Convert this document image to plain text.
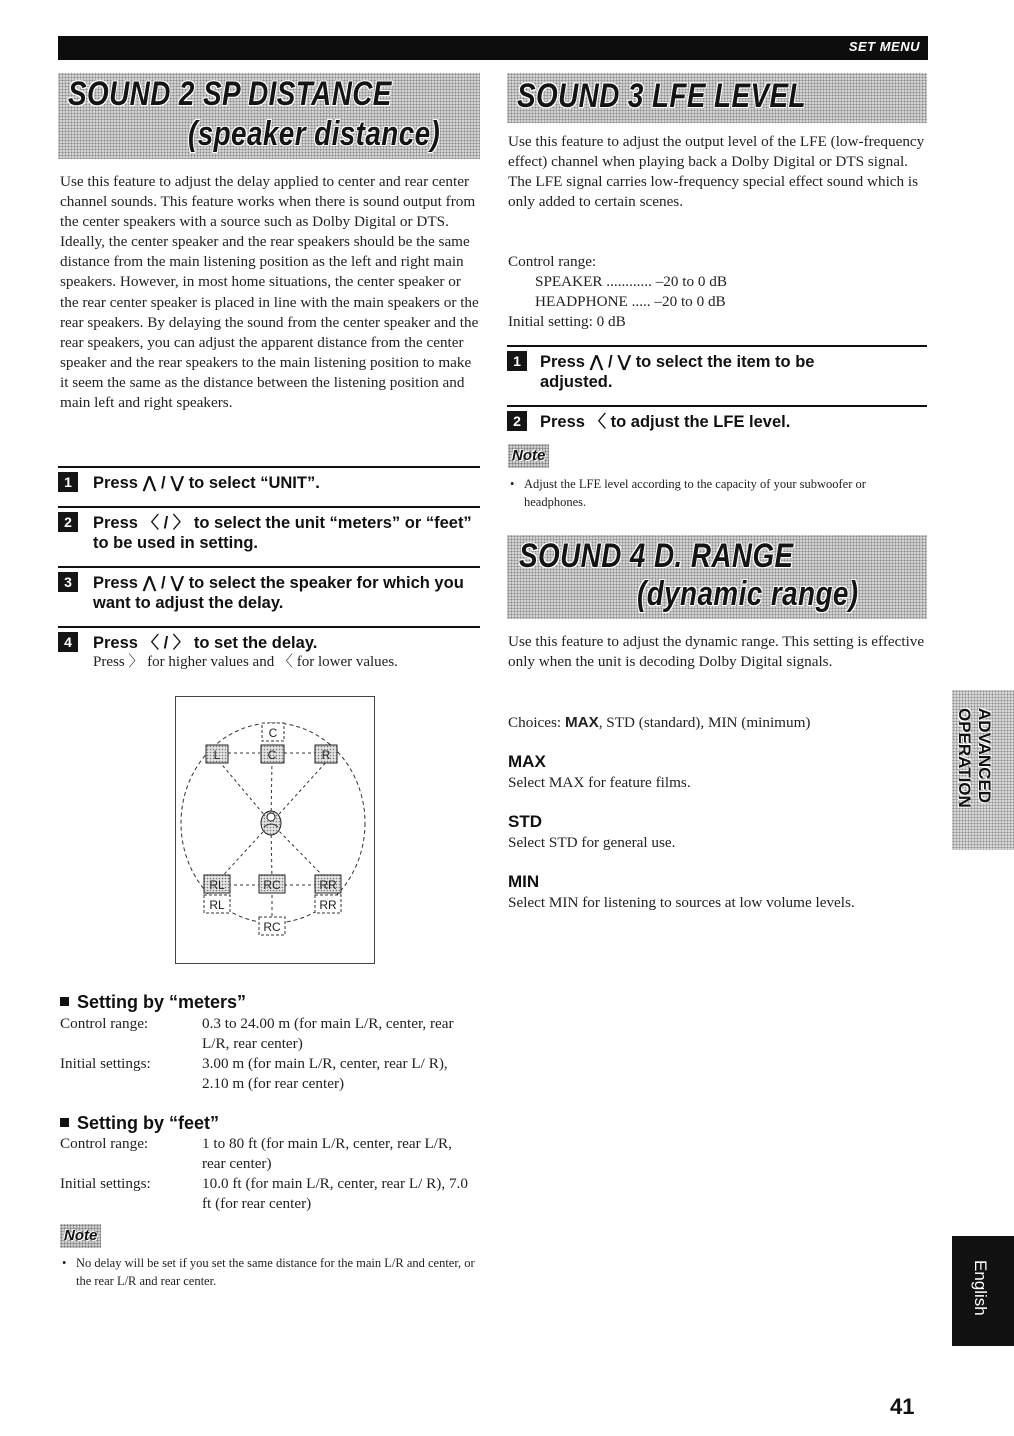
SET MENU
SOUND 2 SP DISTANCE
(speaker distance)
Use this feature to adjust the delay applied to center and rear center channel sounds. This feature works when there is sound output from the center speakers with a source such as Dolby Digital or DTS. Ideally, the center speaker and the rear speakers should be the same distance from the main listening position as the left and right main speakers. However, in most home situations, the center speaker or the rear center speaker is placed in line with the main speakers or the rear speakers. By delaying the sound from the center speaker and the rear speakers, you can adjust the apparent distance from the center speaker and the rear speakers to the main listening position to make it seem the same as the distance between the listening position and main left and right speakers.
1	Press ⋀ / ⋁ to select “UNIT”.
2	Press 〈 / 〉 to select the unit “meters” or “feet” to be used in setting.
3	Press ⋀ / ⋁ to select the speaker for which you want to adjust the delay.
4	Press 〈 / 〉 to set the delay.
Press 〉 for higher values and 〈 for lower values.
C
L	C	R
RL	RC	RR
RL	RR
RC
Setting by “meters”
Control range:	0.3 to 24.00 m (for main L/R, center, rear L/R, rear center)
Initial settings:	3.00 m (for main L/R, center, rear L/ R), 2.10 m (for rear center)
Setting by “feet”
Control range:	1 to 80 ft (for main L/R, center, rear L/R, rear center)
Initial settings:	10.0 ft (for main L/R, center, rear L/ R), 7.0 ft (for rear center)
Note
• No delay will be set if you set the same distance for the main L/R and center, or the rear L/R and rear center.
SOUND 3 LFE LEVEL
Use this feature to adjust the output level of the LFE (low-frequency effect) channel when playing back a Dolby Digital or DTS signal. The LFE signal carries low-frequency special effect sound which is only added to certain scenes.
Control range:
SPEAKER ............ –20 to 0 dB
HEADPHONE ..... –20 to 0 dB
Initial setting: 0 dB
1	Press ⋀ / ⋁ to select the item to be adjusted.
2	Press 〈 to adjust the LFE level.
Note
• Adjust the LFE level according to the capacity of your subwoofer or headphones.
SOUND 4 D. RANGE
(dynamic range)
Use this feature to adjust the dynamic range. This setting is effective only when the unit is decoding Dolby Digital signals.
Choices: MAX, STD (standard), MIN (minimum)
MAX
Select MAX for feature films.
STD
Select STD for general use.
MIN
Select MIN for listening to sources at low volume levels.
ADVANCED
OPERATION
English
41
